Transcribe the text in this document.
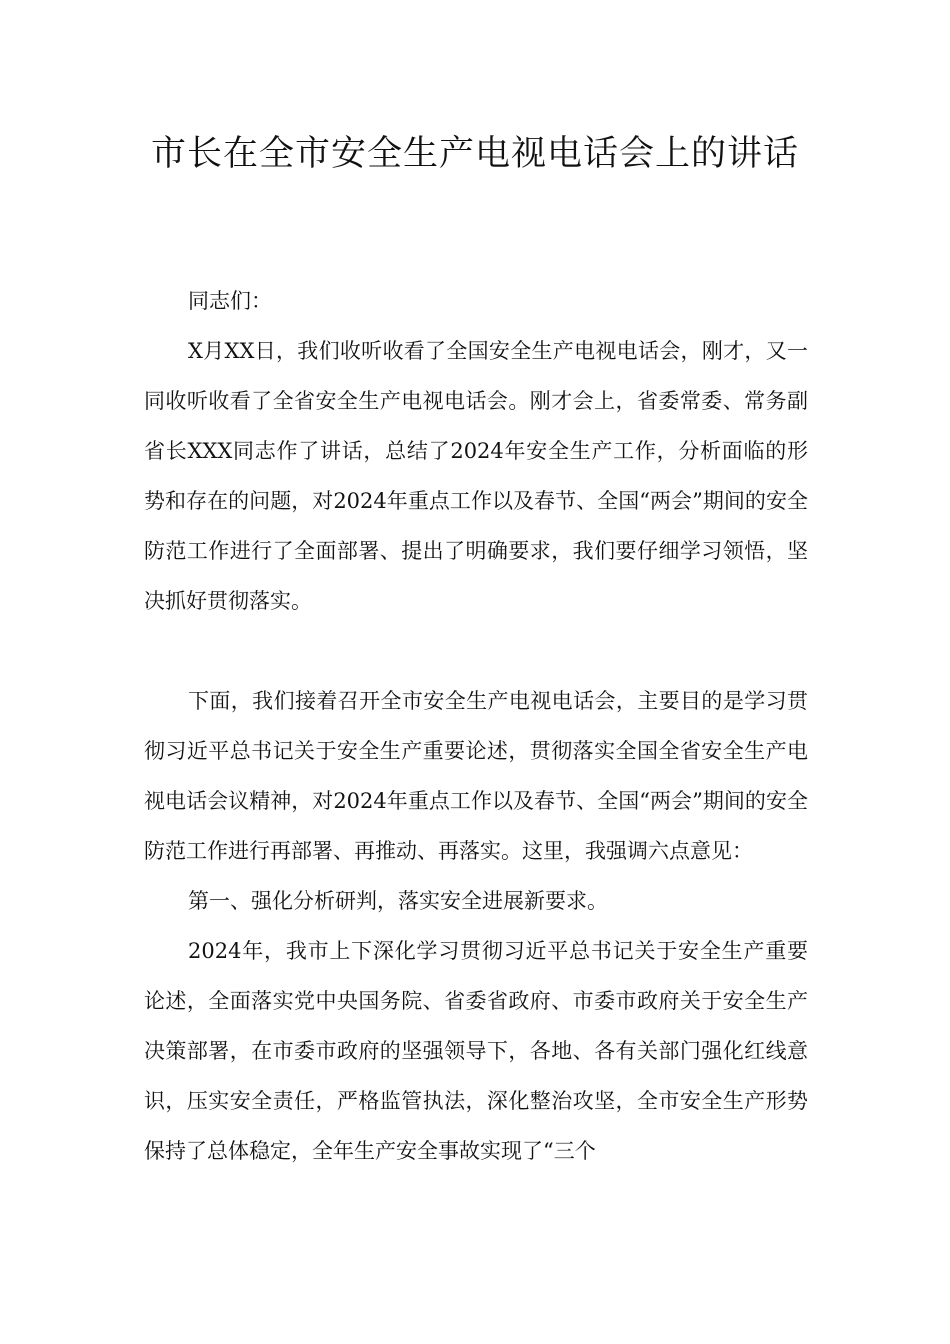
市长在全市安全生产电视电话会上的讲话

同志们：

X月XX日，我们收听收看了全国安全生产电视电话会，刚才，又一同收听收看了全省安全生产电视电话会。刚才会上，省委常委、常务副省长XXX同志作了讲话，总结了2024年安全生产工作，分析面临的形势和存在的问题，对2024年重点工作以及春节、全国“两会”期间的安全防范工作进行了全面部署、提出了明确要求，我们要仔细学习领悟，坚决抓好贯彻落实。

下面，我们接着召开全市安全生产电视电话会，主要目的是学习贯彻习近平总书记关于安全生产重要论述，贯彻落实全国全省安全生产电视电话会议精神，对2024年重点工作以及春节、全国“两会”期间的安全防范工作进行再部署、再推动、再落实。这里，我强调六点意见：

第一、强化分析研判，落实安全进展新要求。

2024年，我市上下深化学习贯彻习近平总书记关于安全生产重要论述，全面落实党中央国务院、省委省政府、市委市政府关于安全生产决策部署，在市委市政府的坚强领导下，各地、各有关部门强化红线意识，压实安全责任，严格监管执法，深化整治攻坚，全市安全生产形势保持了总体稳定，全年生产安全事故实现了“三个
